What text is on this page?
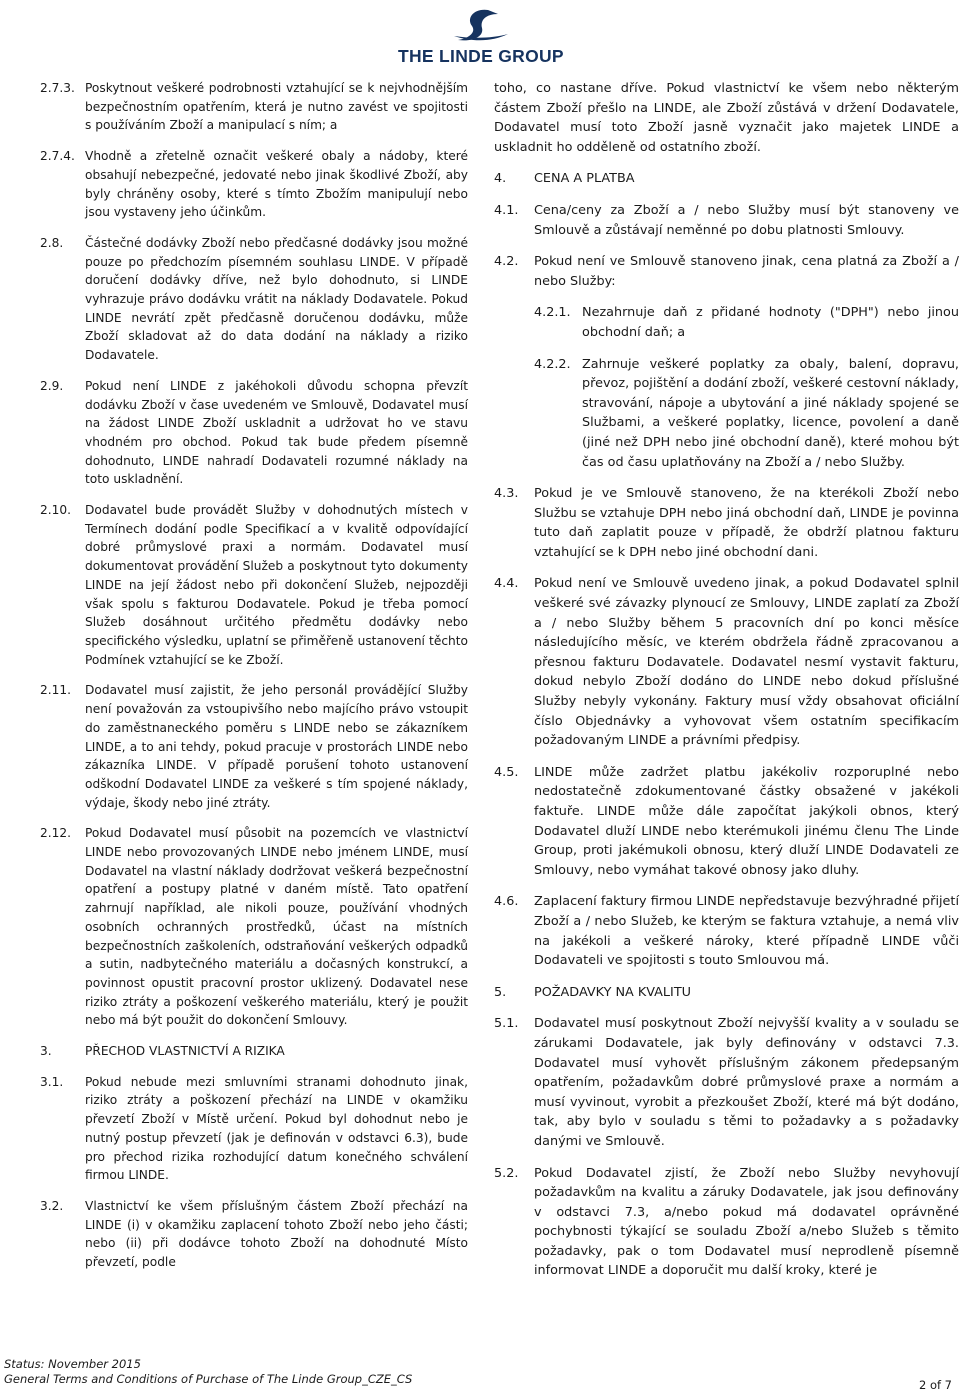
THE LINDE GROUP
2.7.3. Poskytnout veškeré podrobnosti vztahující se k nejvhodnějším bezpečnostním opatřením, která je nutno zavést ve spojitosti s používáním Zboží a manipulací s ním; a
2.7.4. Vhodně a zřetelně označit veškeré obaly a nádoby, které obsahují nebezpečné, jedovaté nebo jinak škodlivé Zboží, aby byly chráněny osoby, které s tímto Zbožím manipulují nebo jsou vystaveny jeho účinkům.
2.8.	Částečné dodávky Zboží nebo předčasné dodávky jsou možné pouze po předchozím písemném souhlasu LINDE. V případě doručení dodávky dříve, než bylo dohodnuto, si LINDE vyhrazuje právo dodávku vrátit na náklady Dodavatele. Pokud LINDE nevrátí zpět předčasně doručenou dodávku, může Zboží skladovat až do data dodání na náklady a riziko Dodavatele.
2.9.	Pokud není LINDE z jakéhokoli důvodu schopna převzít dodávku Zboží v čase uvedeném ve Smlouvě, Dodavatel musí na žádost LINDE Zboží uskladnit a udržovat ho ve stavu vhodném pro obchod. Pokud tak bude předem písemně dohodnuto, LINDE nahradí Dodavateli rozumné náklady na toto uskladnění.
2.10.	Dodavatel bude provádět Služby v dohodnutých místech v Termínech dodání podle Specifikací a v kvalitě odpovídající dobré průmyslové praxi a normám. Dodavatel musí dokumentovat provádění Služeb a poskytnout tyto dokumenty LINDE na její žádost nebo při dokončení Služeb, nejpozději však spolu s fakturou Dodavatele. Pokud je třeba pomocí Služeb dosáhnout určitého předmětu dodávky nebo specifického výsledku, uplatní se přiměřeně ustanovení těchto Podmínek vztahující se ke Zboží.
2.11.	Dodavatel musí zajistit, že jeho personál provádějící Služby není považován za vstoupivšího nebo majícího právo vstoupit do zaměstnaneckého poměru s LINDE nebo se zákazníkem LINDE, a to ani tehdy, pokud pracuje v prostorách LINDE nebo zákazníka LINDE. V případě porušení tohoto ustanovení odškodní Dodavatel LINDE za veškeré s tím spojené náklady, výdaje, škody nebo jiné ztráty.
2.12.	Pokud Dodavatel musí působit na pozemcích ve vlastnictví LINDE nebo provozovaných LINDE nebo jménem LINDE, musí Dodavatel na vlastní náklady dodržovat veškerá bezpečnostní opatření a postupy platné v daném místě. Tato opatření zahrnují například, ale nikoli pouze, používání vhodných osobních ochranných prostředků, účast na místních bezpečnostních zaškoleních, odstraňování veškerých odpadků a sutin, nadbytečného materiálu a dočasných konstrukcí, a povinnost opustit pracovní prostor uklizený. Dodavatel nese riziko ztráty a poškození veškerého materiálu, který je použit nebo má být použit do dokončení Smlouvy.
3.	PŘECHOD VLASTNICTVÍ A RIZIKA
3.1.	Pokud nebude mezi smluvními stranami dohodnuto jinak, riziko ztráty a poškození přechází na LINDE v okamžiku převzetí Zboží v Místě určení. Pokud byl dohodnut nebo je nutný postup převzetí (jak je definován v odstavci 6.3), bude pro přechod rizika rozhodující datum konečného schválení firmou LINDE.
3.2.	Vlastnictví ke všem příslušným částem Zboží přechází na LINDE (i) v okamžiku zaplacení tohoto Zboží nebo jeho části; nebo (ii) při dodávce tohoto Zboží na dohodnuté Místo převzetí, podle
toho, co nastane dříve. Pokud vlastnictví ke všem nebo některým částem Zboží přešlo na LINDE, ale Zboží zůstává v držení Dodavatele, Dodavatel musí toto Zboží jasně vyznačit jako majetek LINDE a uskladnit ho odděleně od ostatního zboží.
4. CENA A PLATBA
4.1.	Cena/ceny za Zboží a / nebo Služby musí být stanoveny ve Smlouvě a zůstávají neměnné po dobu platnosti Smlouvy.
4.2.	Pokud není ve Smlouvě stanoveno jinak, cena platná za Zboží a / nebo Služby:
4.2.1. Nezahrnuje daň z přidané hodnoty ("DPH") nebo jinou obchodní daň; a
4.2.2. Zahrnuje veškeré poplatky za obaly, balení, dopravu, převoz, pojištění a dodání zboží, veškeré cestovní náklady, stravování, nápoje a ubytování a jiné náklady spojené se Službami, a veškeré poplatky, licence, povolení a daně (jiné než DPH nebo jiné obchodní daně), které mohou být čas od času uplatňovány na Zboží a / nebo Služby.
4.3.	Pokud je ve Smlouvě stanoveno, že na kterékoli Zboží nebo Službu se vztahuje DPH nebo jiná obchodní daň, LINDE je povinna tuto daň zaplatit pouze v případě, že obdrží platnou fakturu vztahující se k DPH nebo jiné obchodní dani.
4.4.	Pokud není ve Smlouvě uvedeno jinak, a pokud Dodavatel splnil veškeré své závazky plynoucí ze Smlouvy, LINDE zaplatí za Zboží a / nebo Služby během 5 pracovních dní po konci měsíce následujícího měsíc, ve kterém obdržela řádně zpracovanou a přesnou fakturu Dodavatele. Dodavatel nesmí vystavit fakturu, dokud nebylo Zboží dodáno do LINDE nebo dokud příslušné Služby nebyly vykonány. Faktury musí vždy obsahovat oficiální číslo Objednávky a vyhovovat všem ostatním specifikacím požadovaným LINDE a právními předpisy.
4.5.	LINDE může zadržet platbu jakékoliv rozporuplné nebo nedostatečně zdokumentované částky obsažené v jakékoli faktuře. LINDE může dále započítat jakýkoli obnos, který Dodavatel dluží LINDE nebo kterémukoli jinému členu The Linde Group, proti jakémukoli obnosu, který dluží LINDE Dodavateli ze Smlouvy, nebo vymáhat takové obnosy jako dluhy.
4.6.	Zaplacení faktury firmou LINDE nepředstavuje bezvýhradné přijetí Zboží a / nebo Služeb, ke kterým se faktura vztahuje, a nemá vliv na jakékoli a veškeré nároky, které případně LINDE vůči Dodavateli ve spojitosti s touto Smlouvou má.
5. POŽADAVKY NA KVALITU
5.1.	Dodavatel musí poskytnout Zboží nejvyšší kvality a v souladu se zárukami Dodavatele, jak byly definovány v odstavci 7.3. Dodavatel musí vyhovět příslušným zákonem předepsaným opatřením, požadavkům dobré průmyslové praxe a normám a musí vyvinout, vyrobit a přezkoušet Zboží, které má být dodáno, tak, aby bylo v souladu s těmi to požadavky a s požadavky danými ve Smlouvě.
5.2.	Pokud Dodavatel zjistí, že Zboží nebo Služby nevyhovují požadavkům na kvalitu a záruky Dodavatele, jak jsou definovány v odstavci 7.3, a/nebo pokud má dodavatel oprávněné pochybnosti týkající se souladu Zboží a/nebo Služeb s těmito požadavky, pak o tom Dodavatel musí neprodleně písemně informovat LINDE a doporučit mu další kroky, které je
Status: November 2015
General Terms and Conditions of Purchase of The Linde Group_CZE_CS	2 of 7
